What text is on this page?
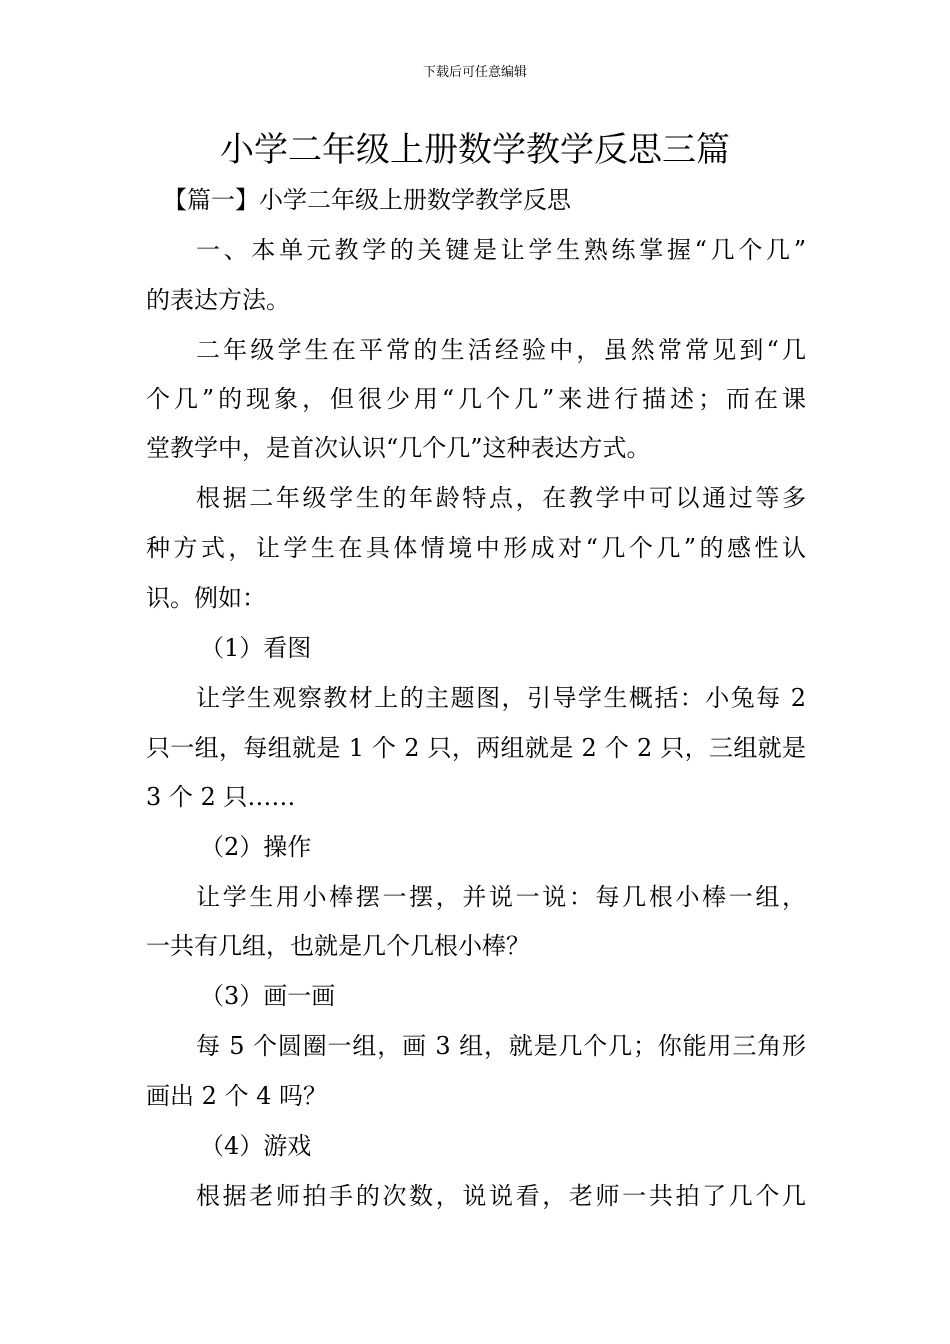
下载后可任意编辑
小学二年级上册数学教学反思三篇
【篇一】小学二年级上册数学教学反思
一、本单元教学的关键是让学生熟练掌握“几个几”
的表达方法。
二年级学生在平常的生活经验中，虽然常常见到“几
个几”的现象，但很少用“几个几”来进行描述；而在课
堂教学中，是首次认识“几个几”这种表达方式。
根据二年级学生的年龄特点，在教学中可以通过等多
种方式，让学生在具体情境中形成对“几个几”的感性认
识。例如：
（1）看图
让学生观察教材上的主题图，引导学生概括：小兔每 2
只一组，每组就是 1 个 2 只，两组就是 2 个 2 只，三组就是
3 个 2 只……
（2）操作
让学生用小棒摆一摆，并说一说：每几根小棒一组，
一共有几组，也就是几个几根小棒？
（3）画一画
每 5 个圆圈一组，画 3 组，就是几个几；你能用三角形
画出 2 个 4 吗？
（4）游戏
根据老师拍手的次数，说说看，老师一共拍了几个几
